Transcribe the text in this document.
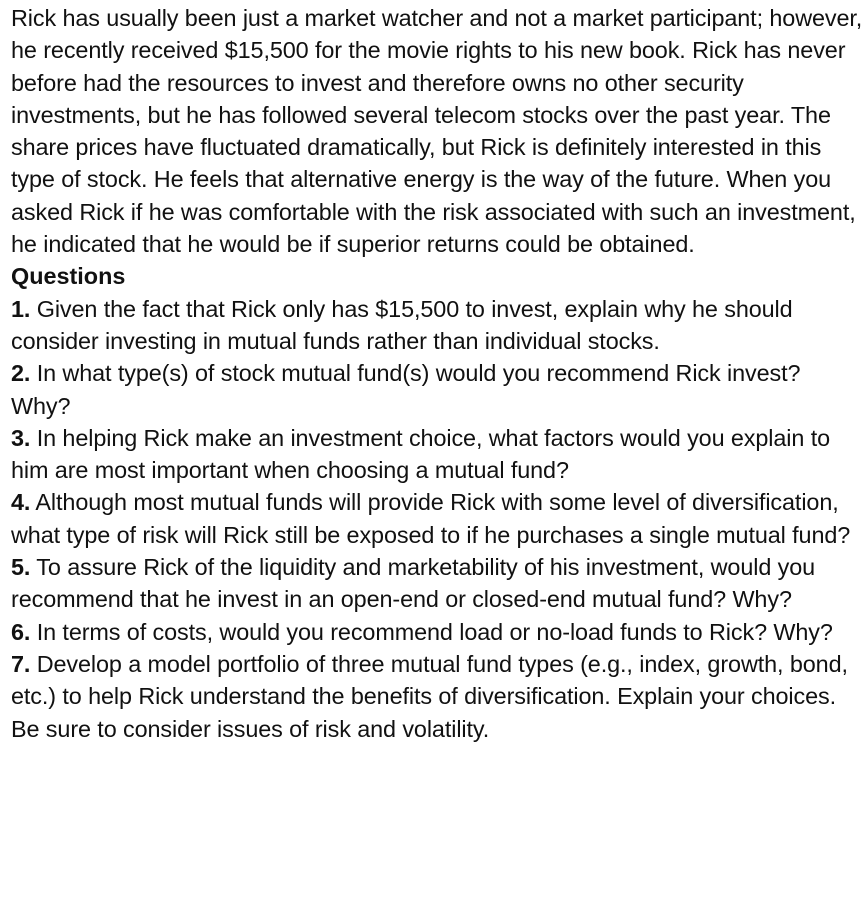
Rick has usually been just a market watcher and not a market participant; however, he recently received $15,500 for the movie rights to his new book. Rick has never before had the resources to invest and therefore owns no other security investments, but he has followed several telecom stocks over the past year. The share prices have fluctuated dramatically, but Rick is definitely interested in this type of stock. He feels that alternative energy is the way of the future. When you asked Rick if he was comfortable with the risk associated with such an investment, he indicated that he would be if superior returns could be obtained.

Questions

1. Given the fact that Rick only has $15,500 to invest, explain why he should consider investing in mutual funds rather than individual stocks.

2. In what type(s) of stock mutual fund(s) would you recommend Rick invest? Why?

3. In helping Rick make an investment choice, what factors would you explain to him are most important when choosing a mutual fund?

4. Although most mutual funds will provide Rick with some level of diversification, what type of risk will Rick still be exposed to if he purchases a single mutual fund?

5. To assure Rick of the liquidity and marketability of his investment, would you recommend that he invest in an open-end or closed-end mutual fund? Why?

6. In terms of costs, would you recommend load or no-load funds to Rick? Why?

7. Develop a model portfolio of three mutual fund types (e.g., index, growth, bond, etc.) to help Rick understand the benefits of diversification. Explain your choices. Be sure to consider issues of risk and volatility.
